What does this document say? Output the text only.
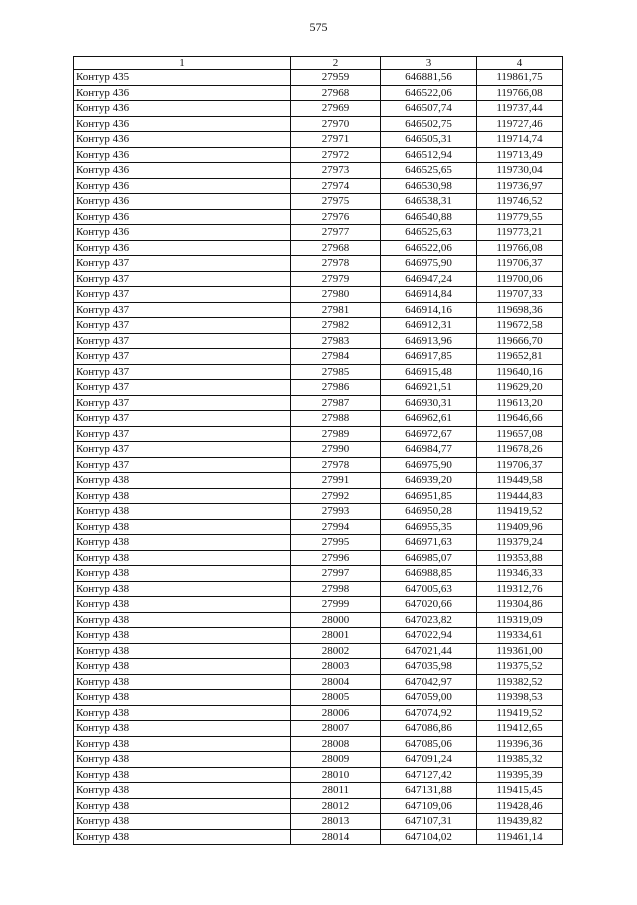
575
1	2	3	4
Контур 435	27959	646881,56	119861,75
Контур 436	27968	646522,06	119766,08
Контур 436	27969	646507,74	119737,44
Контур 436	27970	646502,75	119727,46
Контур 436	27971	646505,31	119714,74
Контур 436	27972	646512,94	119713,49
Контур 436	27973	646525,65	119730,04
Контур 436	27974	646530,98	119736,97
Контур 436	27975	646538,31	119746,52
Контур 436	27976	646540,88	119779,55
Контур 436	27977	646525,63	119773,21
Контур 436	27968	646522,06	119766,08
Контур 437	27978	646975,90	119706,37
Контур 437	27979	646947,24	119700,06
Контур 437	27980	646914,84	119707,33
Контур 437	27981	646914,16	119698,36
Контур 437	27982	646912,31	119672,58
Контур 437	27983	646913,96	119666,70
Контур 437	27984	646917,85	119652,81
Контур 437	27985	646915,48	119640,16
Контур 437	27986	646921,51	119629,20
Контур 437	27987	646930,31	119613,20
Контур 437	27988	646962,61	119646,66
Контур 437	27989	646972,67	119657,08
Контур 437	27990	646984,77	119678,26
Контур 437	27978	646975,90	119706,37
Контур 438	27991	646939,20	119449,58
Контур 438	27992	646951,85	119444,83
Контур 438	27993	646950,28	119419,52
Контур 438	27994	646955,35	119409,96
Контур 438	27995	646971,63	119379,24
Контур 438	27996	646985,07	119353,88
Контур 438	27997	646988,85	119346,33
Контур 438	27998	647005,63	119312,76
Контур 438	27999	647020,66	119304,86
Контур 438	28000	647023,82	119319,09
Контур 438	28001	647022,94	119334,61
Контур 438	28002	647021,44	119361,00
Контур 438	28003	647035,98	119375,52
Контур 438	28004	647042,97	119382,52
Контур 438	28005	647059,00	119398,53
Контур 438	28006	647074,92	119419,52
Контур 438	28007	647086,86	119412,65
Контур 438	28008	647085,06	119396,36
Контур 438	28009	647091,24	119385,32
Контур 438	28010	647127,42	119395,39
Контур 438	28011	647131,88	119415,45
Контур 438	28012	647109,06	119428,46
Контур 438	28013	647107,31	119439,82
Контур 438	28014	647104,02	119461,14
